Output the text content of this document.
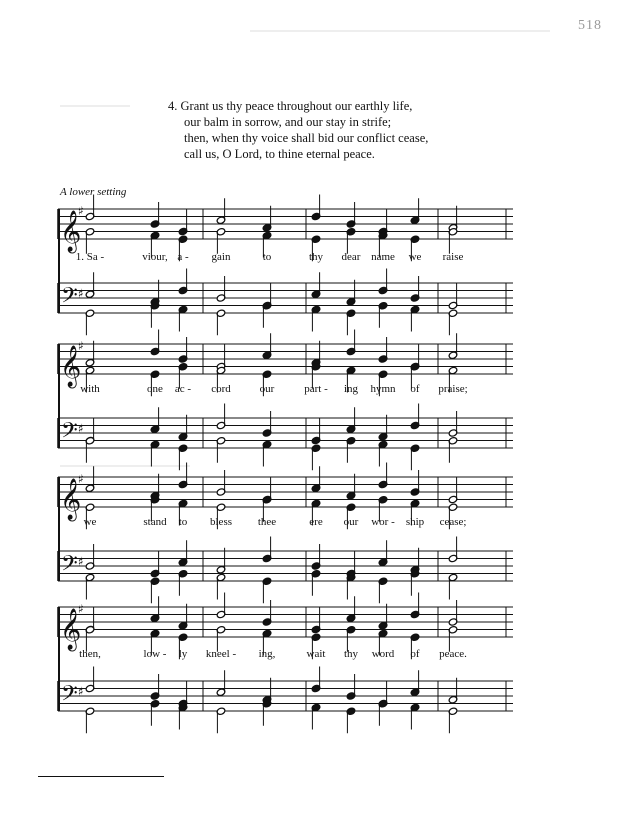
518
4. Grant us thy peace throughout our earthly life,
our balm in sorrow, and our stay in strife;
then, when thy voice shall bid our conflict cease,
call us, O Lord, to thine eternal peace.
A lower setting
𝄞
♯
𝄢 ♯
1. Sa -	viour, a - gain	to	thy dear name we raise
𝄞
♯
𝄢 ♯
with	one ac - cord	our	part - ing hymn of praise;
𝄞
♯
𝄢 ♯
we	stand to bless thee	ere our wor - ship cease;
𝄞
♯
𝄢 ♯
then,	low - ly kneel - ing,	wait thy word of peace.
